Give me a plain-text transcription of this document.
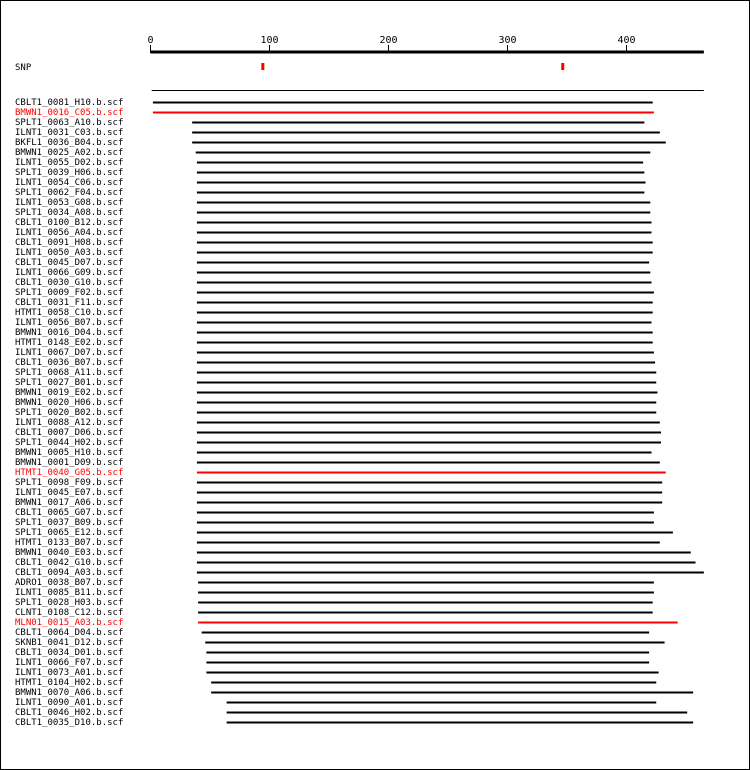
0	100	200	300	400
SNP
CBLT1_0081_H10.b.scf
BMWN1_0016_C05.b.scf
SPLT1_0063_A10.b.scf
ILNT1_0031_C03.b.scf
BKFL1_0036_B04.b.scf
BMWN1_0025_A02.b.scf
ILNT1_0055_D02.b.scf
SPLT1_0039_H06.b.scf
ILNT1_0054_C06.b.scf
SPLT1_0062_F04.b.scf
ILNT1_0053_G08.b.scf
SPLT1_0034_A08.b.scf
CBLT1_0100_B12.b.scf
ILNT1_0056_A04.b.scf
CBLT1_0091_H08.b.scf
ILNT1_0050_A03.b.scf
CBLT1_0045_D07.b.scf
ILNT1_0066_G09.b.scf
CBLT1_0030_G10.b.scf
SPLT1_0009_F02.b.scf
CBLT1_0031_F11.b.scf
HTMT1_0058_C10.b.scf
ILNT1_0056_B07.b.scf
BMWN1_0016_D04.b.scf
HTMT1_0148_E02.b.scf
ILNT1_0067_D07.b.scf
CBLT1_0036_B07.b.scf
SPLT1_0068_A11.b.scf
SPLT1_0027_B01.b.scf
BMWN1_0019_E02.b.scf
BMWN1_0020_H06.b.scf
SPLT1_0020_B02.b.scf
ILNT1_0088_A12.b.scf
CBLT1_0007_D06.b.scf
SPLT1_0044_H02.b.scf
BMWN1_0005_H10.b.scf
BMWN1_0001_D09.b.scf
HTMT1_0040_G05.b.scf
SPLT1_0098_F09.b.scf
ILNT1_0045_E07.b.scf
BMWN1_0017_A06.b.scf
CBLT1_0065_G07.b.scf
SPLT1_0037_B09.b.scf
SPLT1_0065_E12.b.scf
HTMT1_0133_B07.b.scf
BMWN1_0040_E03.b.scf
CBLT1_0042_G10.b.scf
CBLT1_0094_A03.b.scf
ADRO1_0038_B07.b.scf
ILNT1_0085_B11.b.scf
SPLT1_0028_H03.b.scf
CLNT1_0108_C12.b.scf
MLN01_0015_A03.b.scf
CBLT1_0064_D04.b.scf
SKNB1_0041_D12.b.scf
CBLT1_0034_D01.b.scf
ILNT1_0066_F07.b.scf
ILNT1_0073_A01.b.scf
HTMT1_0104_H02.b.scf
BMWN1_0070_A06.b.scf
ILNT1_0090_A01.b.scf
CBLT1_0046_H02.b.scf
CBLT1_0035_D10.b.scf
